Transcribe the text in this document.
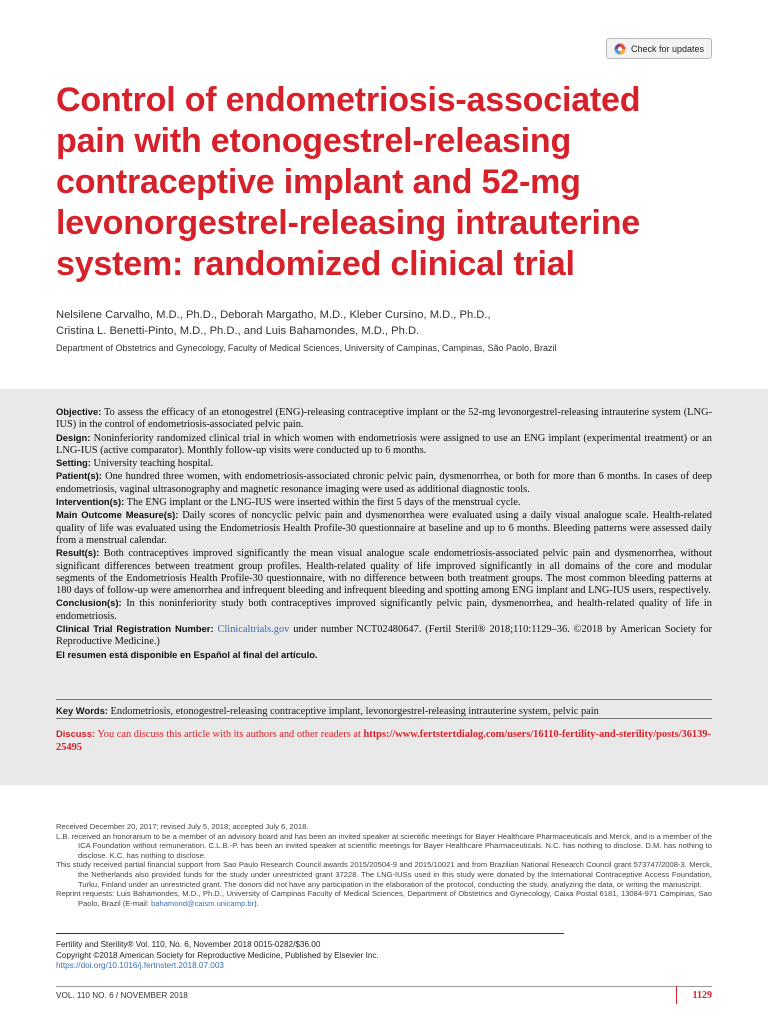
Check for updates
Control of endometriosis-associated pain with etonogestrel-releasing contraceptive implant and 52-mg levonorgestrel-releasing intrauterine system: randomized clinical trial
Nelsilene Carvalho, M.D., Ph.D., Deborah Margatho, M.D., Kleber Cursino, M.D., Ph.D.,
Cristina L. Benetti-Pinto, M.D., Ph.D., and Luis Bahamondes, M.D., Ph.D.
Department of Obstetrics and Gynecology, Faculty of Medical Sciences, University of Campinas, Campinas, São Paolo, Brazil

Objective: To assess the efficacy of an etonogestrel (ENG)-releasing contraceptive implant or the 52-mg levonorgestrel-releasing intrauterine system (LNG-IUS) in the control of endometriosis-associated pelvic pain.

Design: Noninferiority randomized clinical trial in which women with endometriosis were assigned to use an ENG implant (experimental treatment) or an LNG-IUS (active comparator). Monthly follow-up visits were conducted up to 6 months.

Setting: University teaching hospital.

Patient(s): One hundred three women, with endometriosis-associated chronic pelvic pain, dysmenorrhea, or both for more than 6 months. In cases of deep endometriosis, vaginal ultrasonography and magnetic resonance imaging were used as additional diagnostic tools.

Intervention(s): The ENG implant or the LNG-IUS were inserted within the first 5 days of the menstrual cycle.

Main Outcome Measure(s): Daily scores of noncyclic pelvic pain and dysmenorrhea were evaluated using a daily visual analogue scale. Health-related quality of life was evaluated using the Endometriosis Health Profile-30 questionnaire at baseline and up to 6 months. Bleeding patterns were assessed daily from a menstrual calendar.

Result(s): Both contraceptives improved significantly the mean visual analogue scale endometriosis-associated pelvic pain and dysmenorrhea, without significant differences between treatment group profiles. Health-related quality of life improved significantly in all domains of the core and modular segments of the Endometriosis Health Profile-30 questionnaire, with no difference between both treatment groups. The most common bleeding patterns at 180 days of follow-up were amenorrhea and infrequent bleeding and infrequent bleeding and spotting among ENG implant and LNG-IUS users, respectively.

Conclusion(s): In this noninferiority study both contraceptives improved significantly pelvic pain, dysmenorrhea, and health-related quality of life in endometriosis.

Clinical Trial Registration Number: Clinicaltrials.gov under number NCT02480647. (Fertil Steril® 2018;110:1129–36. ©2018 by American Society for Reproductive Medicine.)

El resumen está disponible en Español al final del artículo.

Key Words: Endometriosis, etonogestrel-releasing contraceptive implant, levonorgestrel-releasing intrauterine system, pelvic pain
Discuss: You can discuss this article with its authors and other readers at https://www.fertstertdialog.com/users/16110-fertility-and-sterility/posts/36139-25495

Received December 20, 2017; revised July 5, 2018; accepted July 6, 2018.

L.B. received an honorarium to be a member of an advisory board and has been an invited speaker at scientific meetings for Bayer Healthcare Pharmaceuticals and Merck, and is a member of the ICA Foundation without remuneration. C.L.B.-P. has been an invited speaker at scientific meetings for Bayer Healthcare Pharmaceuticals. N.C. has nothing to disclose. D.M. has nothing to disclose. K.C. has nothing to disclose.

This study received partial financial support from Sao Paulo Research Council awards 2015/20504-9 and 2015/10021 and from Brazilian National Research Council grant 573747/2008-3. Merck, the Netherlands also provided funds for the study under unrestricted grant 37228. The LNG-IUSs used in this study were donated by the International Contraceptive Access Foundation, Turku, Finland under an unrestricted grant. The donors did not have any participation in the elaboration of the protocol, conducting the study, analyzing the data, or writing the manuscript.

Reprint requests: Luis Bahamondes, M.D., Ph.D., University of Campinas Faculty of Medical Sciences, Department of Obstetrics and Gynecology, Caixa Postal 6181, 13084-971 Campinas, Sao Paolo, Brazil (E-mail: bahamond@caism.unicamp.br).

Fertility and Sterility® Vol. 110, No. 6, November 2018 0015-0282/$36.00
Copyright ©2018 American Society for Reproductive Medicine, Published by Elsevier Inc.
https://doi.org/10.1016/j.fertnstert.2018.07.003
VOL. 110 NO. 6 / NOVEMBER 2018	1129
